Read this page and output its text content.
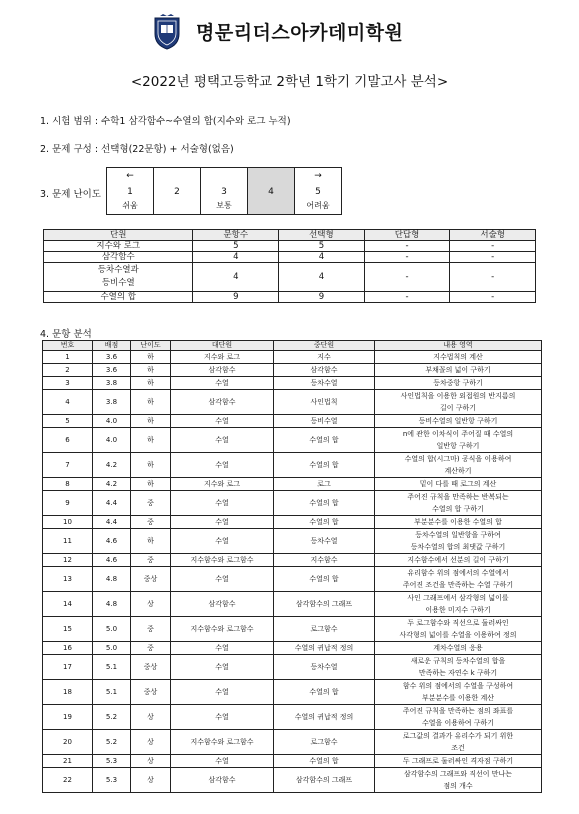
명문리더스아카데미학원
<2022년 평택고등학교 2학년 1학기 기말고사 분석>
1. 시험 범위 : 수학1 삼각함수~수열의 합(지수와 로그 누적)
2. 문제 구성 : 선택형(22문항) + 서술형(없음)
3. 문제 난이도
←
1
쉬움

2	3
보통

4

→
5
어려움
단원	문항수	선택형	단답형	서술형
지수와 로그	5	5	-	-
삼각함수	4	4	-	-
등차수열과
등비수열	4	4	-	-
수열의 합	9	9	-	-
4. 문항 분석
번호	배점	난이도	대단원	중단원	내용 영역
1	3.6	하	지수와 로그	지수	지수법칙의 계산
2	3.6	하	삼각함수	삼각함수	부채꼴의 넓이 구하기
3	3.8	하	수열	등차수열	등차중항 구하기
4	3.8	하	삼각함수	사인법칙	사인법칙을 이용한 외접원의 반지름의
길이 구하기
5	4.0	하	수열	등비수열	등비수열의 일반항 구하기
6	4.0	하	수열	수열의 합	n에 관한 이차식이 주어질 때 수열의
일반항 구하기
7	4.2	하	수열	수열의 합	수열의 합(시그마) 공식을 이용하여
계산하기
8	4.2	하	지수와 로그	로그	밑이 다를 때 로그의 계산
9	4.4	중	수열	수열의 합	주어진 규칙을 만족하는 반복되는
수열의 합 구하기
10	4.4	중	수열	수열의 합	부분분수를 이용한 수열의 합
11	4.6	하	수열	등차수열	등차수열의 일반항을 구하여
등차수열의 합의 최댓값 구하기
12	4.6	중	지수함수와 로그함수	지수함수	지수함수에서 선분의 길이 구하기
13	4.8	중상	수열	수열의 합	유리함수 위의 점에서의 수열에서
주어진 조건을 만족하는 수열 구하기
14	4.8	상	삼각함수	삼각함수의 그래프	사인 그래프에서 삼각형의 넓이를
이용한 미지수 구하기
15	5.0	중	지수함수와 로그함수	로그함수	두 로그함수와 직선으로 둘러싸인
사각형의 넓이를 수열을 이용하여 정의
16	5.0	중	수열	수열의 귀납적 정의	계차수열의 응용
17	5.1	중상	수열	등차수열	새로운 규칙의 등차수열의 합을
만족하는 자연수 k 구하기
18	5.1	중상	수열	수열의 합	함수 위의 점에서의 수열을 구성하여
부분분수를 이용한 계산
19	5.2	상	수열	수열의 귀납적 정의	주어진 규칙을 만족하는 점의 좌표를
수열을 이용하여 구하기
20	5.2	상	지수함수와 로그함수	로그함수	로그값의 결과가 유리수가 되기 위한
조건
21	5.3	상	수열	수열의 합	두 그래프로 둘러싸인 격자점 구하기
22	5.3	상	삼각함수	삼각함수의 그래프	삼각함수의 그래프와 직선이 만나는
점의 개수
